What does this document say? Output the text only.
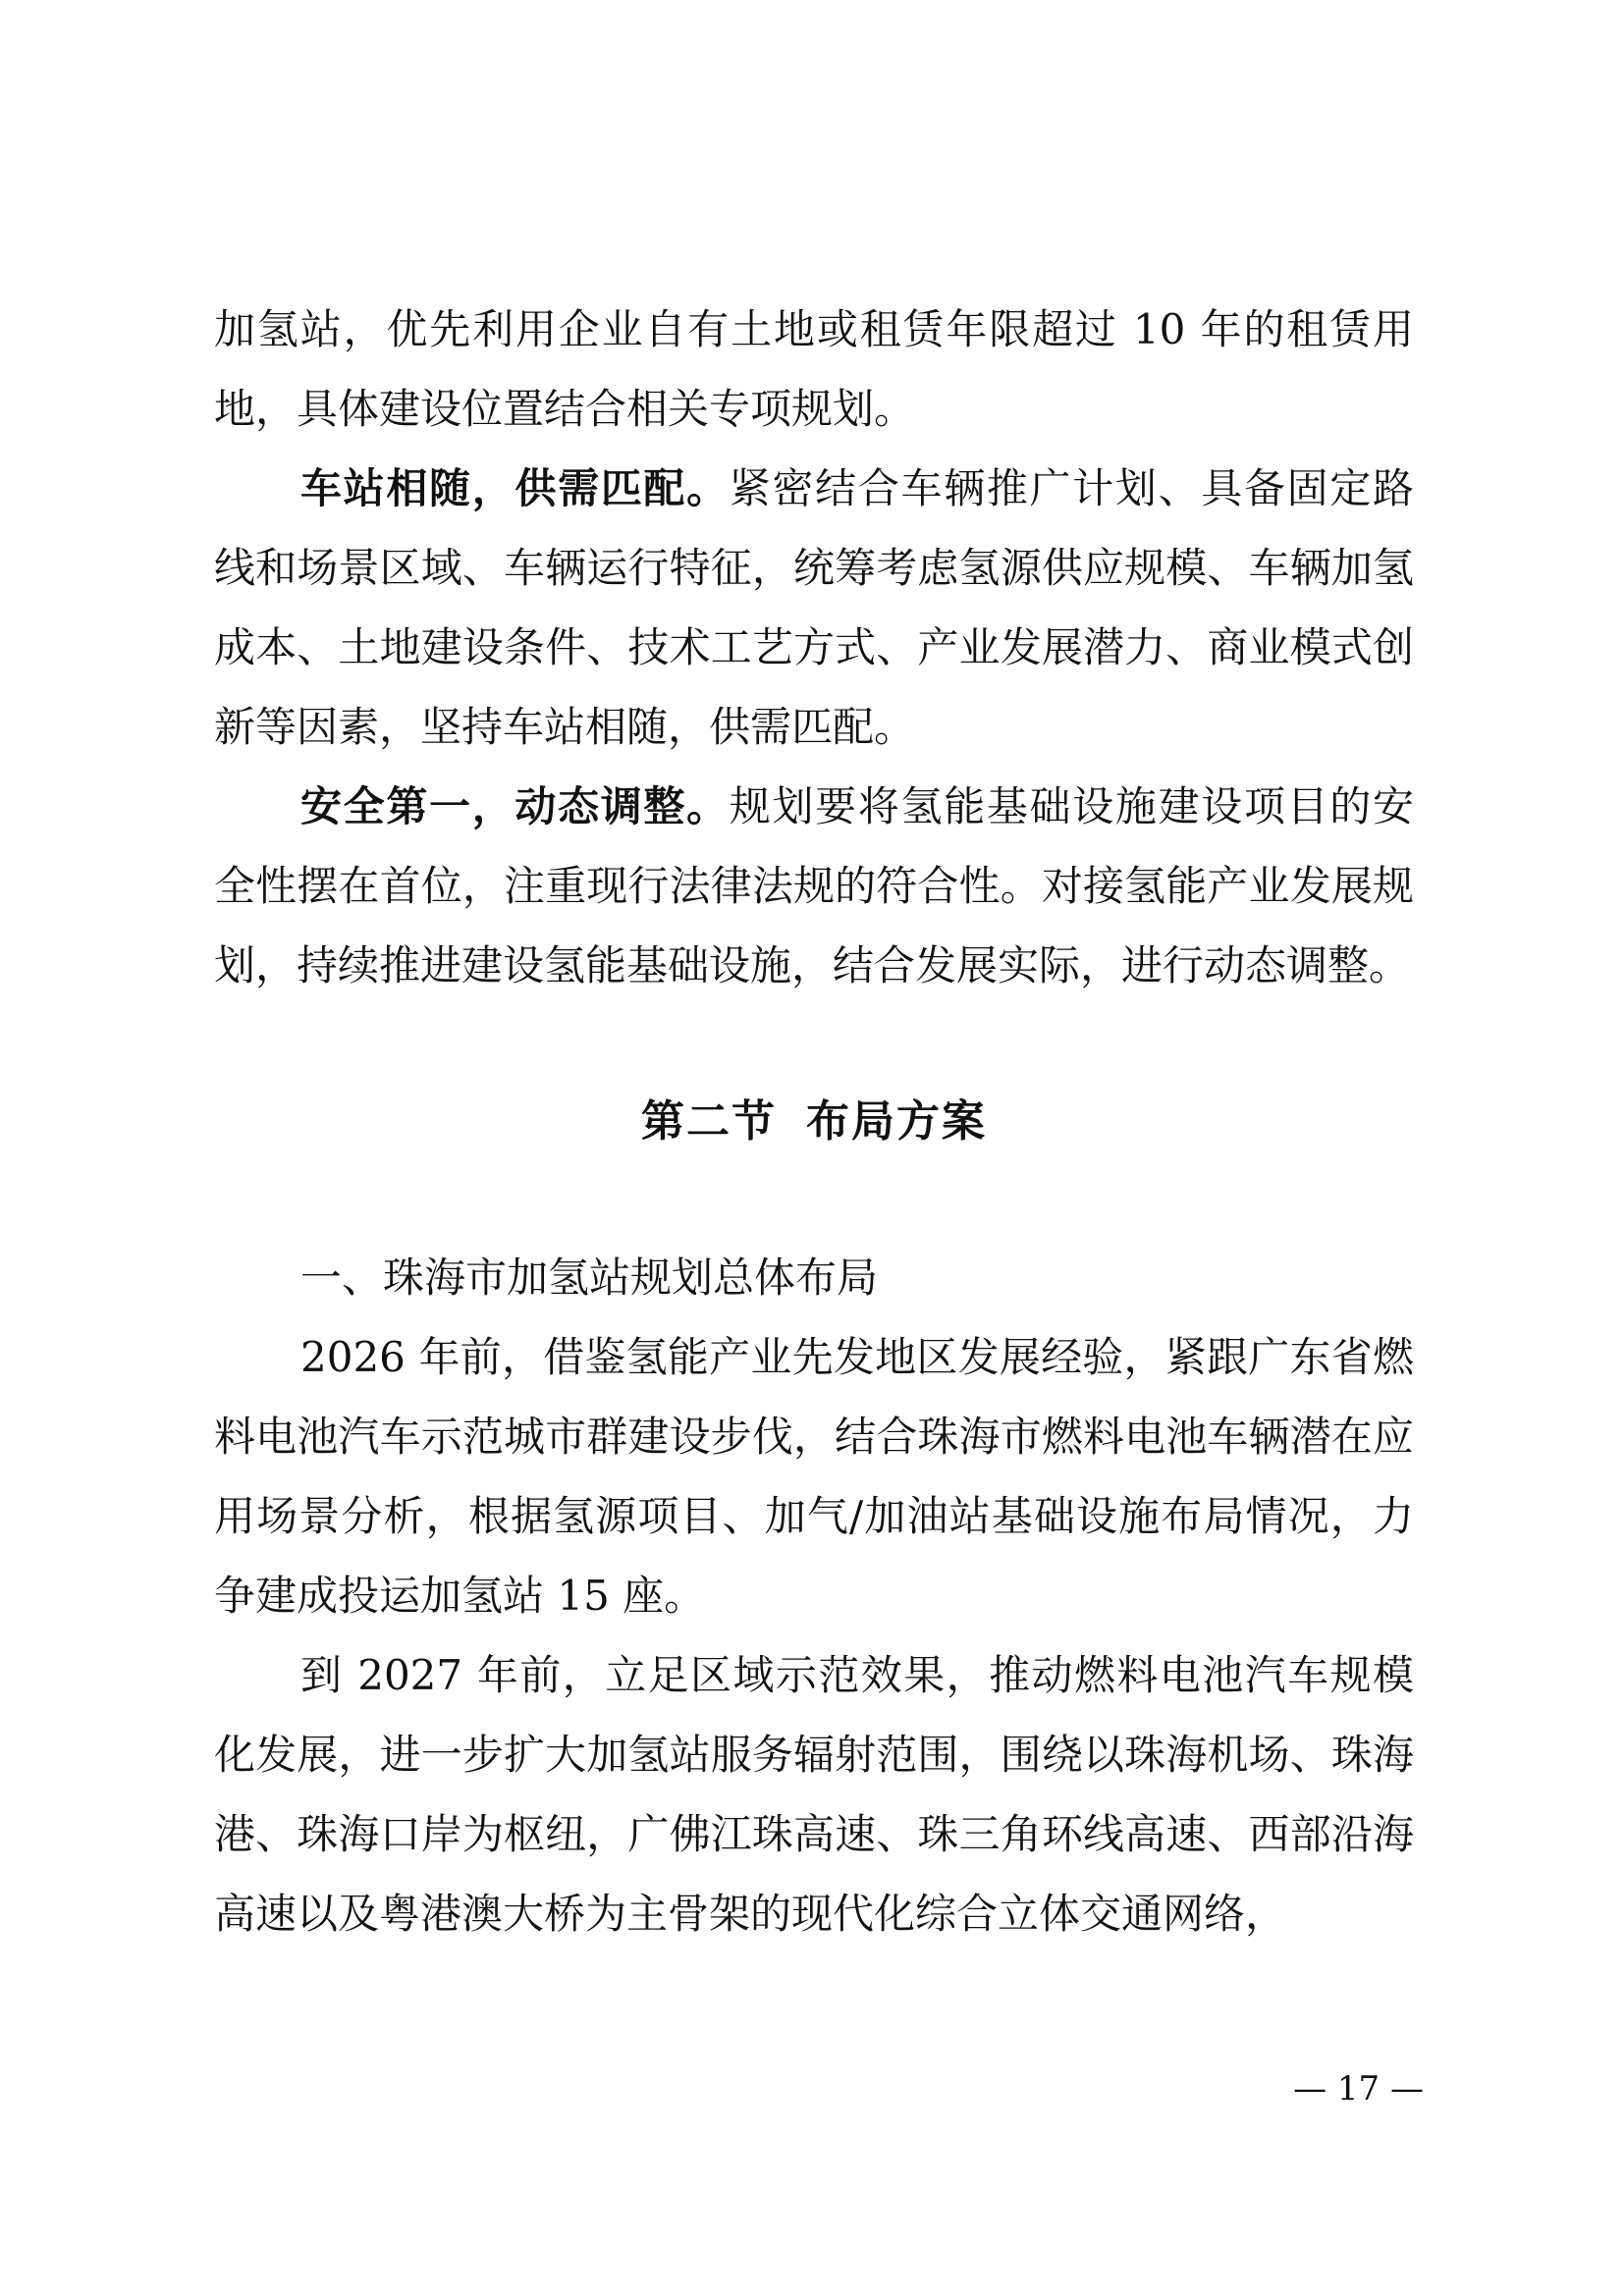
加氢站，优先利用企业自有土地或租赁年限超过 10 年的租赁用地，具体建设位置结合相关专项规划。

车站相随，供需匹配。紧密结合车辆推广计划、具备固定路线和场景区域、车辆运行特征，统筹考虑氢源供应规模、车辆加氢成本、土地建设条件、技术工艺方式、产业发展潜力、商业模式创新等因素，坚持车站相随，供需匹配。

安全第一，动态调整。规划要将氢能基础设施建设项目的安全性摆在首位，注重现行法律法规的符合性。对接氢能产业发展规划，持续推进建设氢能基础设施，结合发展实际，进行动态调整。

第二节 布局方案

一、珠海市加氢站规划总体布局

2026 年前，借鉴氢能产业先发地区发展经验，紧跟广东省燃料电池汽车示范城市群建设步伐，结合珠海市燃料电池车辆潜在应用场景分析，根据氢源项目、加气/加油站基础设施布局情况，力争建成投运加氢站 15 座。

到 2027 年前，立足区域示范效果，推动燃料电池汽车规模化发展，进一步扩大加氢站服务辐射范围，围绕以珠海机场、珠海港、珠海口岸为枢纽，广佛江珠高速、珠三角环线高速、西部沿海高速以及粤港澳大桥为主骨架的现代化综合立体交通网络，

— 17 —
